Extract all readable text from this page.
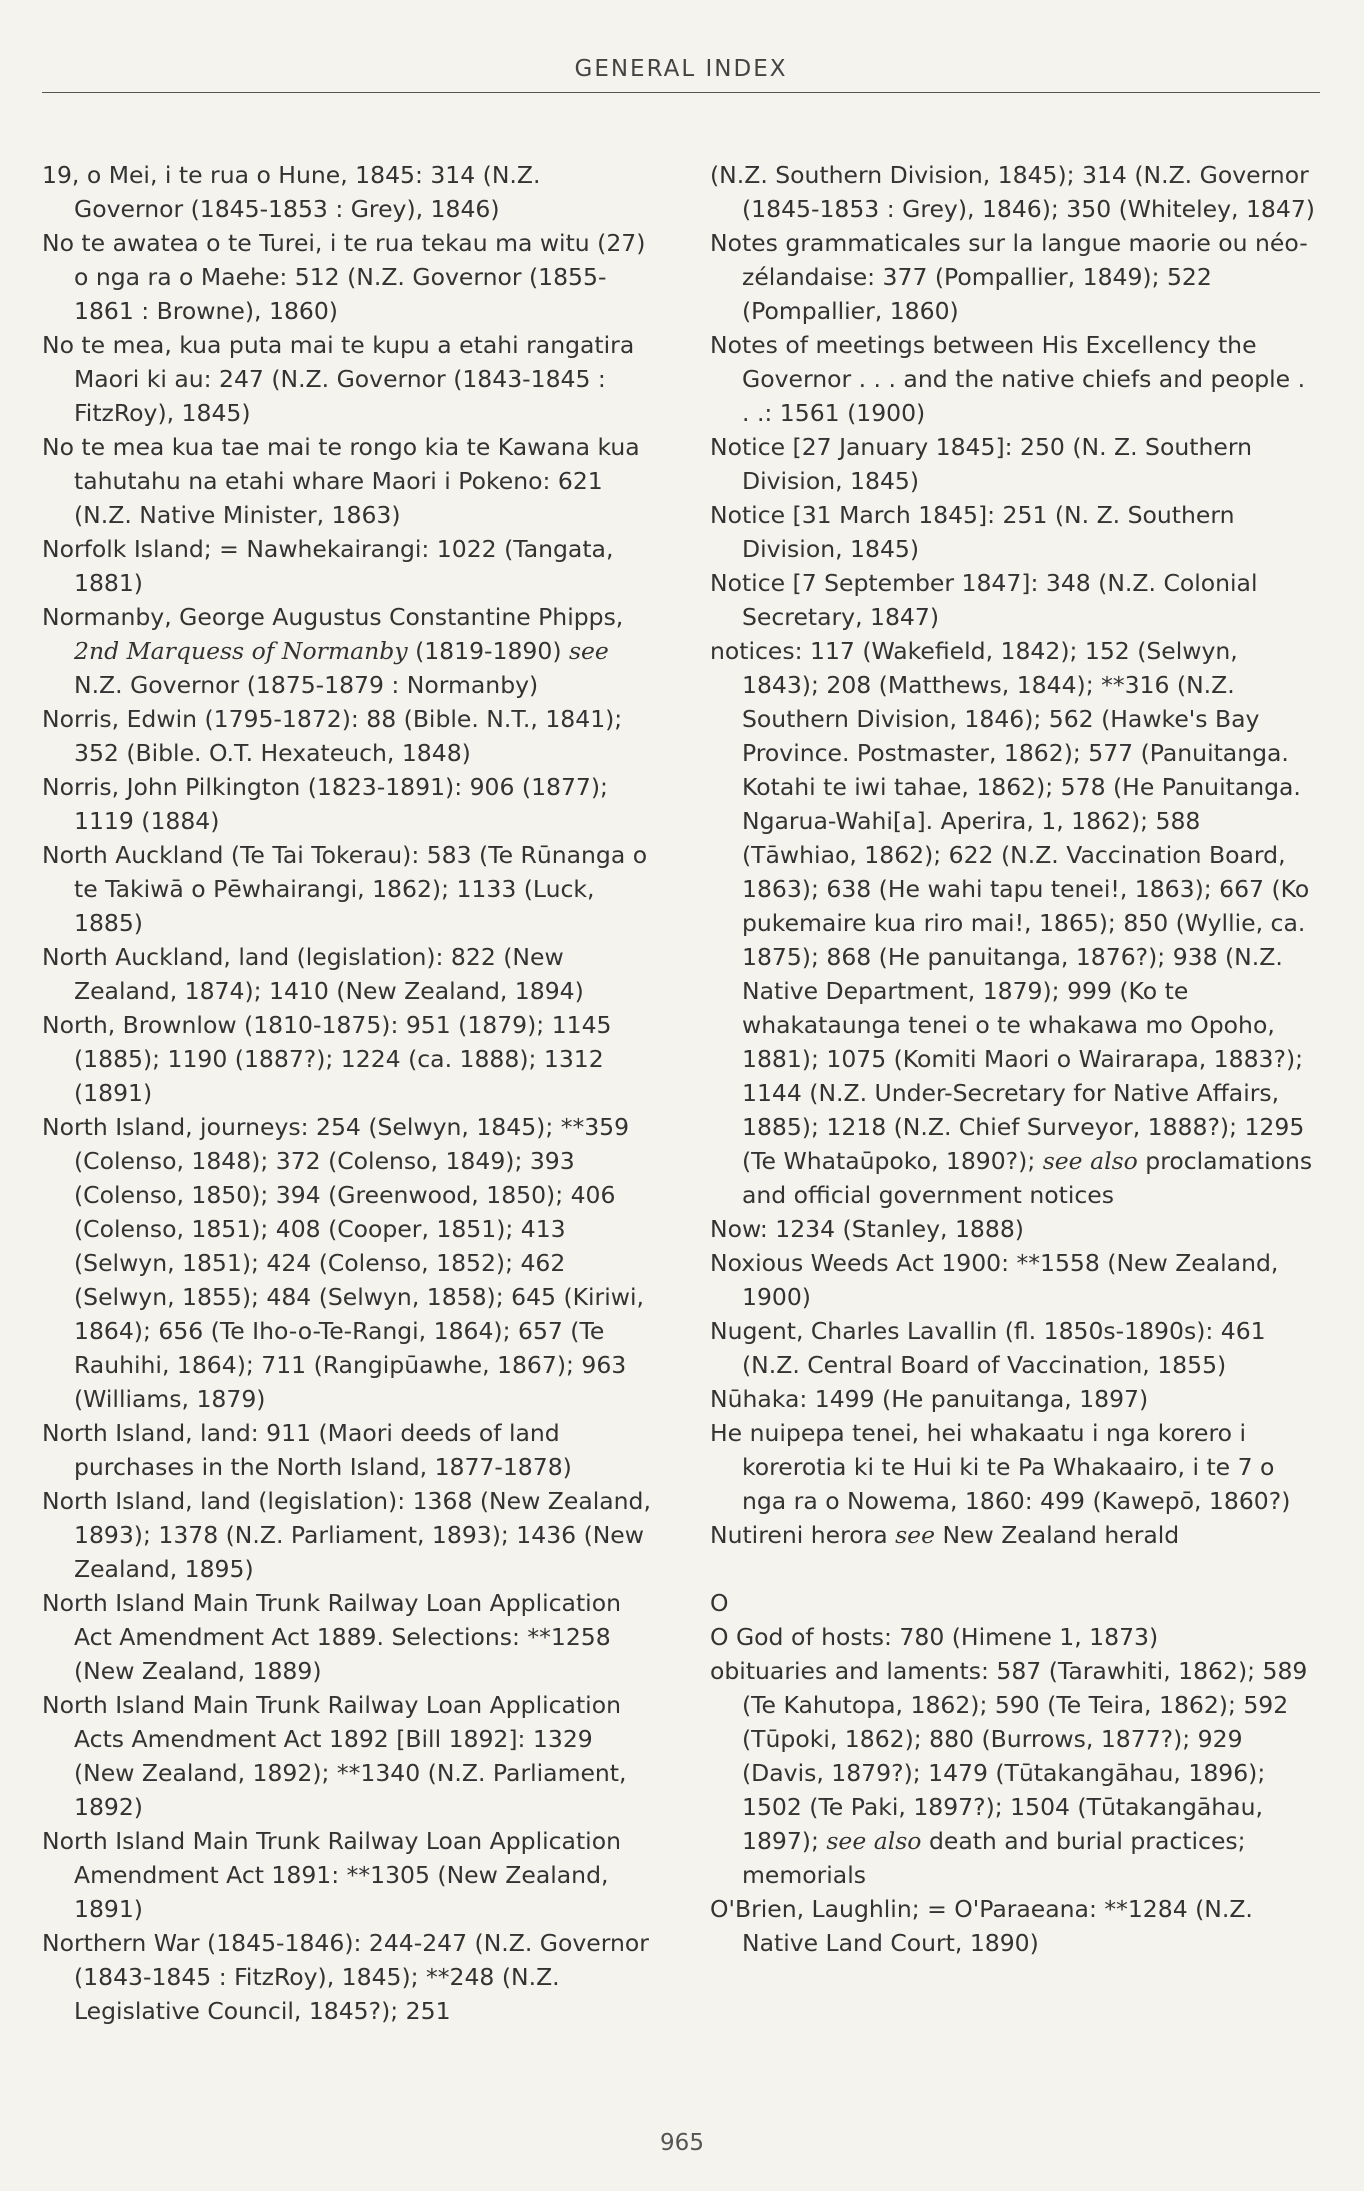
GENERAL INDEX

19, o Mei, i te rua o Hune, 1845: 314 (N.Z. Governor (1845-1853 : Grey), 1846)

No te awatea o te Turei, i te rua tekau ma witu (27) o nga ra o Maehe: 512 (N.Z. Governor (1855-1861 : Browne), 1860)

No te mea, kua puta mai te kupu a etahi rangatira Maori ki au: 247 (N.Z. Governor (1843-1845 : FitzRoy), 1845)

No te mea kua tae mai te rongo kia te Kawana kua tahutahu na etahi whare Maori i Pokeno: 621 (N.Z. Native Minister, 1863)

Norfolk Island; = Nawhekairangi: 1022 (Tangata, 1881)

Normanby, George Augustus Constantine Phipps, 2nd Marquess of Normanby (1819-1890) see N.Z. Governor (1875-1879 : Normanby)

Norris, Edwin (1795-1872): 88 (Bible. N.T., 1841); 352 (Bible. O.T. Hexateuch, 1848)

Norris, John Pilkington (1823-1891): 906 (1877); 1119 (1884)

North Auckland (Te Tai Tokerau): 583 (Te Rūnanga o te Takiwā o Pēwhairangi, 1862); 1133 (Luck, 1885)

North Auckland, land (legislation): 822 (New Zealand, 1874); 1410 (New Zealand, 1894)

North, Brownlow (1810-1875): 951 (1879); 1145 (1885); 1190 (1887?); 1224 (ca. 1888); 1312 (1891)

North Island, journeys: 254 (Selwyn, 1845); **359 (Colenso, 1848); 372 (Colenso, 1849); 393 (Colenso, 1850); 394 (Greenwood, 1850); 406 (Colenso, 1851); 408 (Cooper, 1851); 413 (Selwyn, 1851); 424 (Colenso, 1852); 462 (Selwyn, 1855); 484 (Selwyn, 1858); 645 (Kiriwi, 1864); 656 (Te Iho-o-Te-Rangi, 1864); 657 (Te Rauhihi, 1864); 711 (Rangipūawhe, 1867); 963 (Williams, 1879)

North Island, land: 911 (Maori deeds of land purchases in the North Island, 1877-1878)

North Island, land (legislation): 1368 (New Zealand, 1893); 1378 (N.Z. Parliament, 1893); 1436 (New Zealand, 1895)

North Island Main Trunk Railway Loan Application Act Amendment Act 1889. Selections: **1258 (New Zealand, 1889)

North Island Main Trunk Railway Loan Application Acts Amendment Act 1892 [Bill 1892]: 1329 (New Zealand, 1892); **1340 (N.Z. Parliament, 1892)

North Island Main Trunk Railway Loan Application Amendment Act 1891: **1305 (New Zealand, 1891)

Northern War (1845-1846): 244-247 (N.Z. Governor (1843-1845 : FitzRoy), 1845); **248 (N.Z. Legislative Council, 1845?); 251

(N.Z. Southern Division, 1845); 314 (N.Z. Governor (1845-1853 : Grey), 1846); 350 (Whiteley, 1847)

Notes grammaticales sur la langue maorie ou néo-zélandaise: 377 (Pompallier, 1849); 522 (Pompallier, 1860)

Notes of meetings between His Excellency the Governor . . . and the native chiefs and people . . .: 1561 (1900)

Notice [27 January 1845]: 250 (N. Z. Southern Division, 1845)

Notice [31 March 1845]: 251 (N. Z. Southern Division, 1845)

Notice [7 September 1847]: 348 (N.Z. Colonial Secretary, 1847)

notices: 117 (Wakefield, 1842); 152 (Selwyn, 1843); 208 (Matthews, 1844); **316 (N.Z. Southern Division, 1846); 562 (Hawke's Bay Province. Postmaster, 1862); 577 (Panuitanga. Kotahi te iwi tahae, 1862); 578 (He Panuitanga. Ngarua-Wahi[a]. Aperira, 1, 1862); 588 (Tāwhiao, 1862); 622 (N.Z. Vaccination Board, 1863); 638 (He wahi tapu tenei!, 1863); 667 (Ko pukemaire kua riro mai!, 1865); 850 (Wyllie, ca. 1875); 868 (He panuitanga, 1876?); 938 (N.Z. Native Department, 1879); 999 (Ko te whakataunga tenei o te whakawa mo Opoho, 1881); 1075 (Komiti Maori o Wairarapa, 1883?); 1144 (N.Z. Under-Secretary for Native Affairs, 1885); 1218 (N.Z. Chief Surveyor, 1888?); 1295 (Te Whataūpoko, 1890?); see also proclamations and official government notices

Now: 1234 (Stanley, 1888)

Noxious Weeds Act 1900: **1558 (New Zealand, 1900)

Nugent, Charles Lavallin (fl. 1850s-1890s): 461 (N.Z. Central Board of Vaccination, 1855)

Nūhaka: 1499 (He panuitanga, 1897)

He nuipepa tenei, hei whakaatu i nga korero i korerotia ki te Hui ki te Pa Whakaairo, i te 7 o nga ra o Nowema, 1860: 499 (Kawepō, 1860?)

Nutireni herora see New Zealand herald

O

O God of hosts: 780 (Himene 1, 1873)

obituaries and laments: 587 (Tarawhiti, 1862); 589 (Te Kahutopa, 1862); 590 (Te Teira, 1862); 592 (Tūpoki, 1862); 880 (Burrows, 1877?); 929 (Davis, 1879?); 1479 (Tūtakangāhau, 1896); 1502 (Te Paki, 1897?); 1504 (Tūtakangāhau, 1897); see also death and burial practices; memorials

O'Brien, Laughlin; = O'Paraeana: **1284 (N.Z. Native Land Court, 1890)

965
